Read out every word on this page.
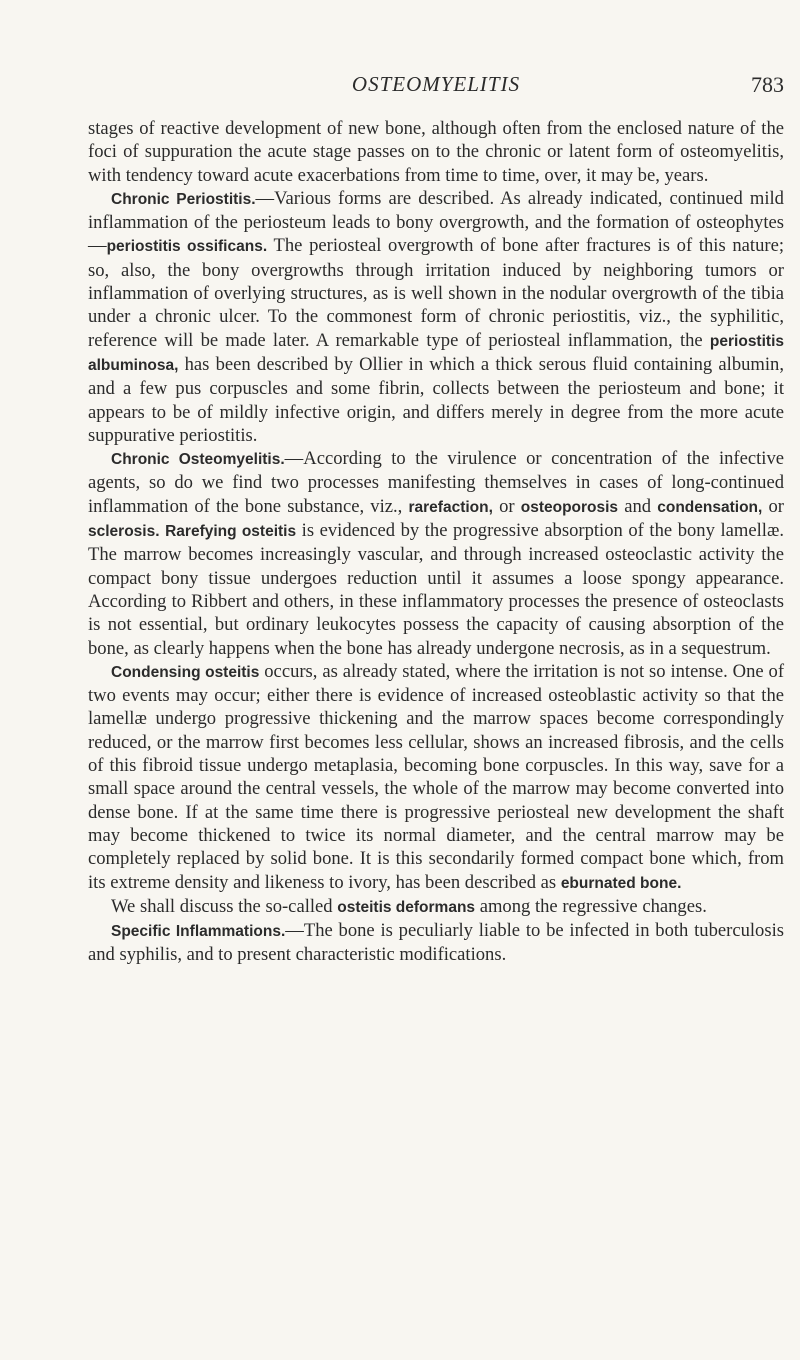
OSTEOMYELITIS	783

stages of reactive development of new bone, although often from the enclosed nature of the foci of suppuration the acute stage passes on to the chronic or latent form of osteomyelitis, with tendency toward acute exacerbations from time to time, over, it may be, years.

Chronic Periostitis.—Various forms are described. As already indicated, continued mild inflammation of the periosteum leads to bony overgrowth, and the formation of osteophytes—periostitis ossificans. The periosteal overgrowth of bone after fractures is of this nature; so, also, the bony overgrowths through irritation induced by neighboring tumors or inflammation of overlying structures, as is well shown in the nodular overgrowth of the tibia under a chronic ulcer. To the commonest form of chronic periostitis, viz., the syphilitic, reference will be made later. A remarkable type of periosteal inflammation, the periostitis albuminosa, has been described by Ollier in which a thick serous fluid containing albumin, and a few pus corpuscles and some fibrin, collects between the periosteum and bone; it appears to be of mildly infective origin, and differs merely in degree from the more acute suppurative periostitis.

Chronic Osteomyelitis.—According to the virulence or concentration of the infective agents, so do we find two processes manifesting themselves in cases of long-continued inflammation of the bone substance, viz., rarefaction, or osteoporosis and condensation, or sclerosis. Rarefying osteitis is evidenced by the progressive absorption of the bony lamellæ. The marrow becomes increasingly vascular, and through increased osteoclastic activity the compact bony tissue undergoes reduction until it assumes a loose spongy appearance. According to Ribbert and others, in these inflammatory processes the presence of osteoclasts is not essential, but ordinary leukocytes possess the capacity of causing absorption of the bone, as clearly happens when the bone has already undergone necrosis, as in a sequestrum.

Condensing osteitis occurs, as already stated, where the irritation is not so intense. One of two events may occur; either there is evidence of increased osteoblastic activity so that the lamellæ undergo progressive thickening and the marrow spaces become correspondingly reduced, or the marrow first becomes less cellular, shows an increased fibrosis, and the cells of this fibroid tissue undergo metaplasia, becoming bone corpuscles. In this way, save for a small space around the central vessels, the whole of the marrow may become converted into dense bone. If at the same time there is progressive periosteal new development the shaft may become thickened to twice its normal diameter, and the central marrow may be completely replaced by solid bone. It is this secondarily formed compact bone which, from its extreme density and likeness to ivory, has been described as eburnated bone.

We shall discuss the so-called osteitis deformans among the regressive changes.

Specific Inflammations.—The bone is peculiarly liable to be infected in both tuberculosis and syphilis, and to present characteristic modifications.
